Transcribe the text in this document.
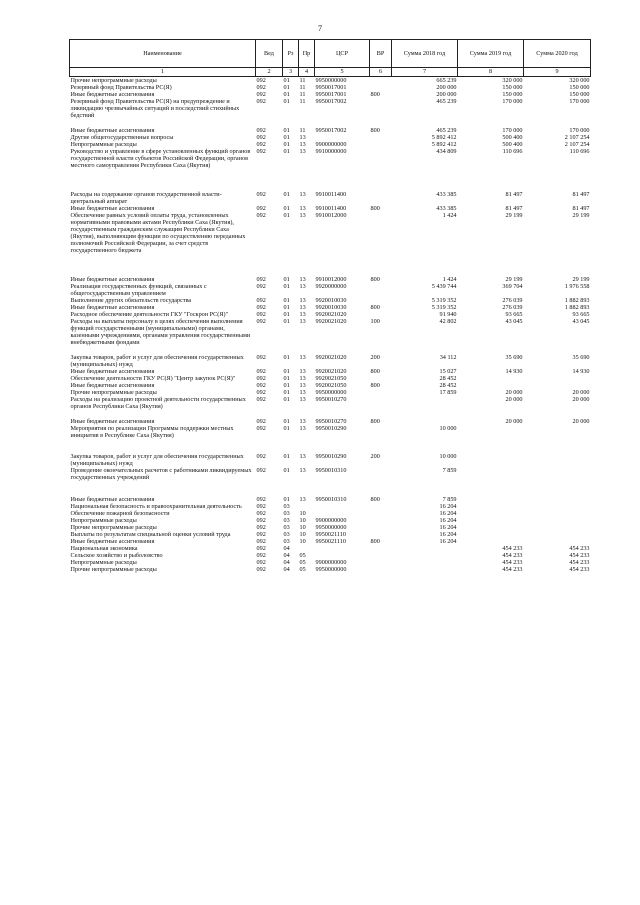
7
Наименование	Вед	Рз	Пр	ЦСР	ВР	Сумма 2018 год	Сумма 2019 год	Сумма 2020 год
1	2	3	4	5	6	7	8	9
Прочие непрограммные расходы	092	01	11	9950000000		665 239	320 000	320 000
Резервный фонд Правительства РС(Я)	092	01	11	9950017001		200 000	150 000	150 000
Иные бюджетные ассигнования	092	01	11	9950017001	800	200 000	150 000	150 000
Резервный фонд Правительства РС(Я) на предупреждение и ликвидацию чрезвычайных ситуаций и последствий стихийных бедствий	092	01	11	9950017002		465 239	170 000	170 000

Иные бюджетные ассигнования	092	01	11	9950017002	800	465 239	170 000	170 000
Другие общегосударственные вопросы	092	01	13			5 892 412	500 400	2 107 254
Непрограммные расходы	092	01	13	9900000000		5 892 412	500 400	2 107 254
Руководство и управление в сфере установленных функций органов государственной власти субъектов Российской Федерации, органов местного самоуправления Республики Саха (Якутия)	092	01	13	9910000000		434 809	110 696	110 696

Расходы на содержание органов государственной власти- центральный аппарат	092	01	13	9910011400		433 385	81 497	81 497
Иные бюджетные ассигнования	092	01	13	9910011400	800	433 385	81 497	81 497
Обеспечение равных условий оплаты труда, установленных нормативными правовыми актами Республики Саха (Якутия), государственным гражданским служащим Республики Саха (Якутия), выполняющим функции по осуществлению переданных полномочий Российской Федерации, за счет средств государственного бюджета	092	01	13	9910012000		1 424	29 199	29 199

Иные бюджетные ассигнования	092	01	13	9910012000	800	1 424	29 199	29 199
Реализация государственных функций, связанных с общегосударственным управлением	092	01	13	9920000000		5 439 744	369 704	1 976 558
Выполнение других обязательств государства	092	01	13	9920010030		5 319 352	276 039	1 882 893
Иные бюджетные ассигнования	092	01	13	9920010030	800	5 319 352	276 039	1 882 893
Расходное обеспечение деятельности ГКУ "Госкрон РС(Я)"	092	01	13	9920021020		91 940	93 665	93 665
Расходы на выплаты персоналу в целях обеспечения выполнения функций государственными (муниципальными) органами, казенными учреждениями, органами управления государственными внебюджетными фондами	092	01	13	9920021020	100	42 802	43 045	43 045

Закупка товаров, работ и услуг для обеспечения государственных (муниципальных) нужд	092	01	13	9920021020	200	34 112	35 690	35 690
Иные бюджетные ассигнования	092	01	13	9920021020	800	15 027	14 930	14 930
Обеспечение деятельности ГКУ РС(Я) "Центр закупок РС(Я)"	092	01	13	9920021050		28 452		
Иные бюджетные ассигнования	092	01	13	9920021050	800	28 452		
Прочие непрограммные расходы	092	01	13	9950000000		17 859	20 000	20 000
Расходы на реализацию проектной деятельности государственных органов Республики Саха (Якутия)	092	01	13	9950010270			20 000	20 000

Иные бюджетные ассигнования	092	01	13	9950010270	800		20 000	20 000
Мероприятия по реализации Программы поддержки местных инициатив в Республике Саха (Якутия)	092	01	13	9950010290		10 000		

Закупка товаров, работ и услуг для обеспечения государственных (муниципальных) нужд	092	01	13	9950010290	200	10 000		
Проведение окончательных расчетов с работниками ликвидируемых государственных учреждений	092	01	13	9950010310		7 859		

Иные бюджетные ассигнования	092	01	13	9950010310	800	7 859		
Национальная безопасность и правоохранительная деятельность	092	03				16 204		
Обеспечение пожарной безопасности	092	03	10			16 204		
Непрограммные расходы	092	03	10	9900000000		16 204		
Прочие непрограммные расходы	092	03	10	9950000000		16 204		
Выплаты по результатам специальной оценки условий труда	092	03	10	9950021110		16 204		
Иные бюджетные ассигнования	092	03	10	9950021110	800	16 204		
Национальная экономика	092	04					454 233	454 233
Сельское хозяйство и рыболовство	092	04	05				454 233	454 233
Непрограммные расходы	092	04	05	9900000000			454 233	454 233
Прочие непрограммные расходы	092	04	05	9950000000			454 233	454 233
